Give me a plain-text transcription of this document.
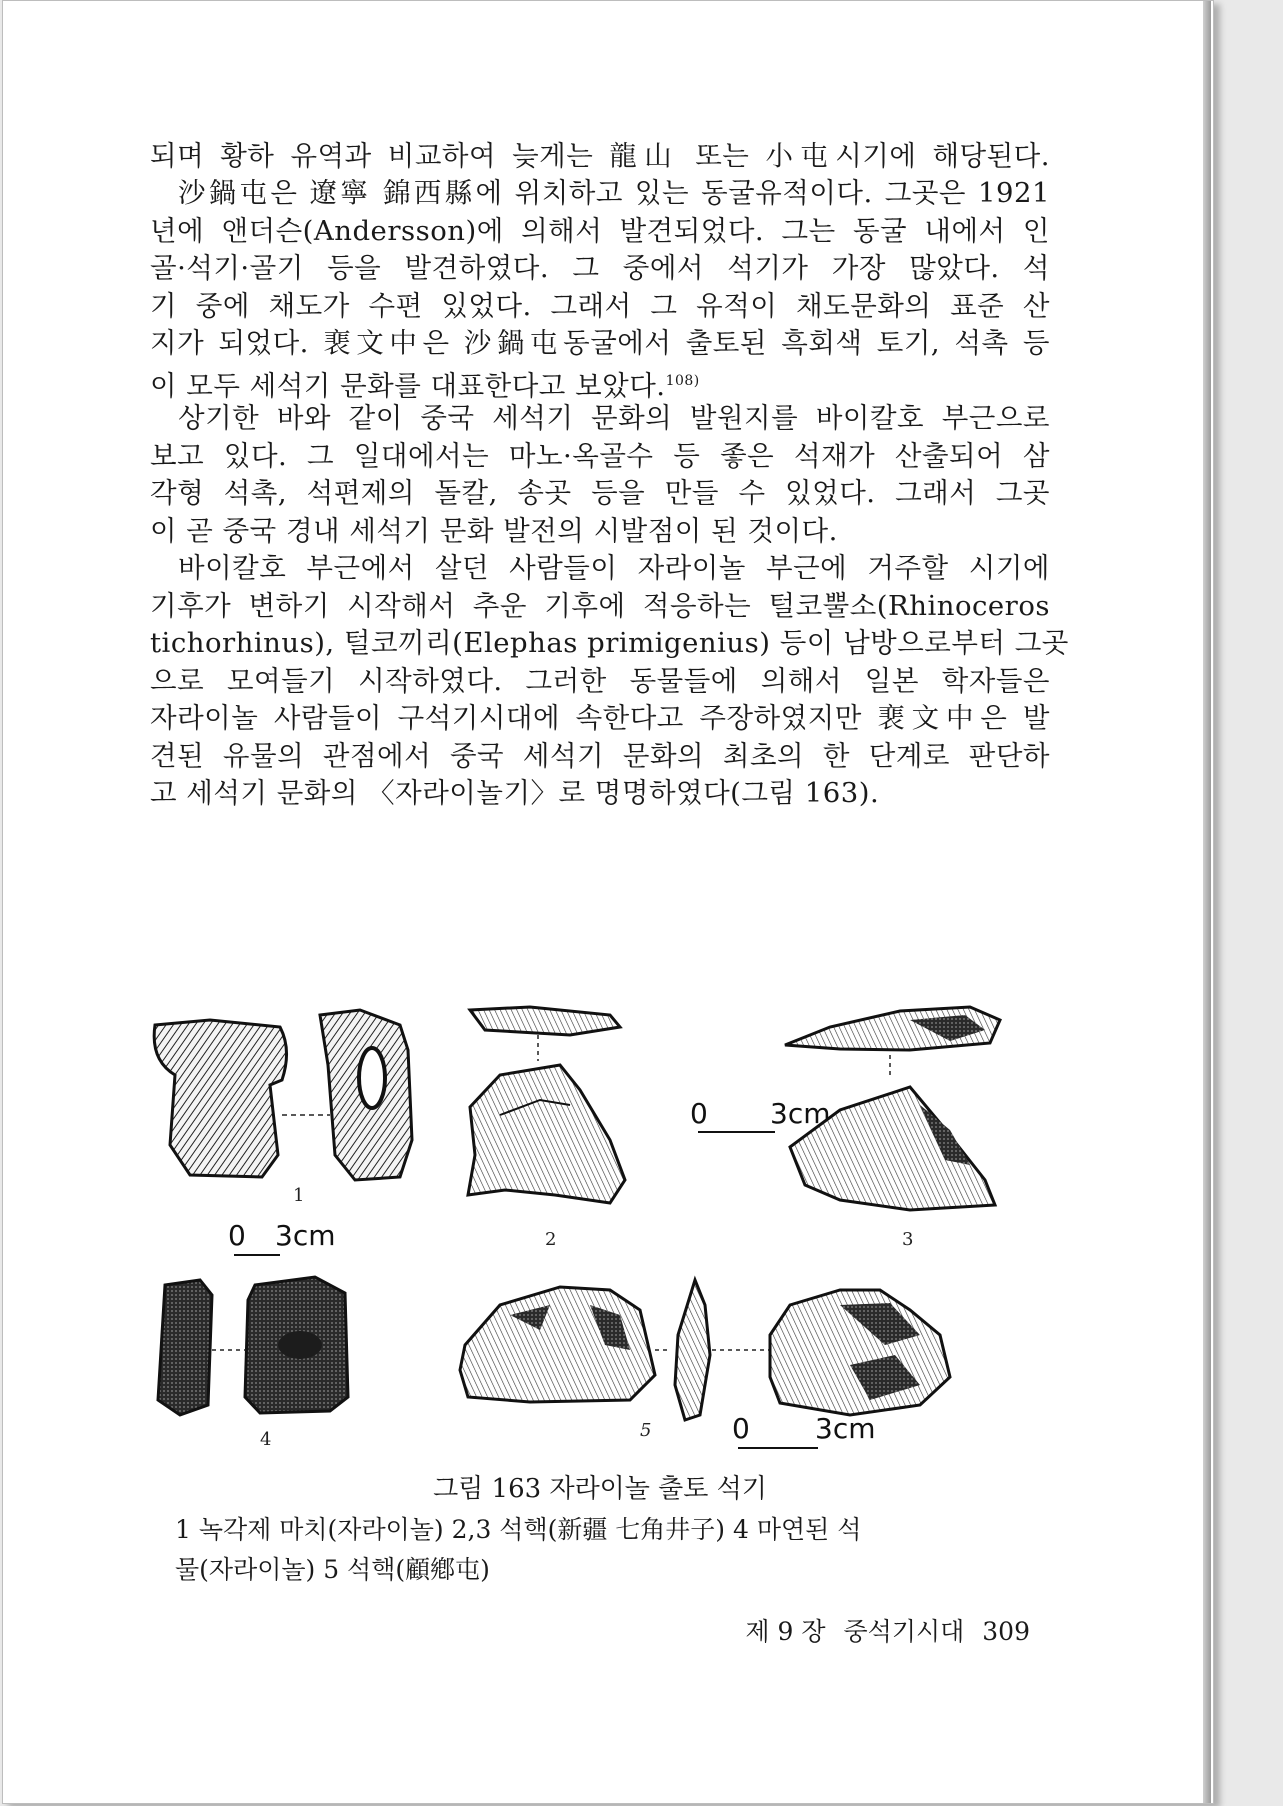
되며 황하 유역과 비교하여 늦게는 龍山 또는 小屯시기에 해당된다.
沙鍋屯은 遼寧 錦西縣에 위치하고 있는 동굴유적이다. 그곳은 1921
년에 앤더슨(Andersson)에 의해서 발견되었다. 그는 동굴 내에서 인
골·석기·골기 등을 발견하였다. 그 중에서 석기가 가장 많았다. 석
기 중에 채도가 수편 있었다. 그래서 그 유적이 채도문화의 표준 산
지가 되었다. 裵文中은 沙鍋屯동굴에서 출토된 흑회색 토기, 석촉 등
이 모두 세석기 문화를 대표한다고 보았다.$^{108)}$
상기한 바와 같이 중국 세석기 문화의 발원지를 바이칼호 부근으로
보고 있다. 그 일대에서는 마노·옥골수 등 좋은 석재가 산출되어 삼
각형 석촉, 석편제의 돌칼, 송곳 등을 만들 수 있었다. 그래서 그곳
이 곧 중국 경내 세석기 문화 발전의 시발점이 된 것이다.
바이칼호 부근에서 살던 사람들이 자라이놀 부근에 거주할 시기에
기후가 변하기 시작해서 추운 기후에 적응하는 털코뿔소(Rhinoceros
tichorhinus), 털코끼리(Elephas primigenius) 등이 남방으로부터 그곳
으로 모여들기 시작하였다. 그러한 동물들에 의해서 일본 학자들은
자라이놀 사람들이 구석기시대에 속한다고 주장하였지만 裵文中은 발
견된 유물의 관점에서 중국 세석기 문화의 최초의 한 단계로 판단하
고 세석기 문화의 〈자라이놀기〉로 명명하였다(그림 163).
1
0 3cm	2
0 3cm
3
4	5	0 3cm
그림 163 자라이놀 출토 석기
1 녹각제 마치(자라이놀) 2,3 석핵(新疆 七角井子) 4 마연된 석
물(자라이놀) 5 석핵(顧鄕屯)
제 9 장 중석기시대 309
